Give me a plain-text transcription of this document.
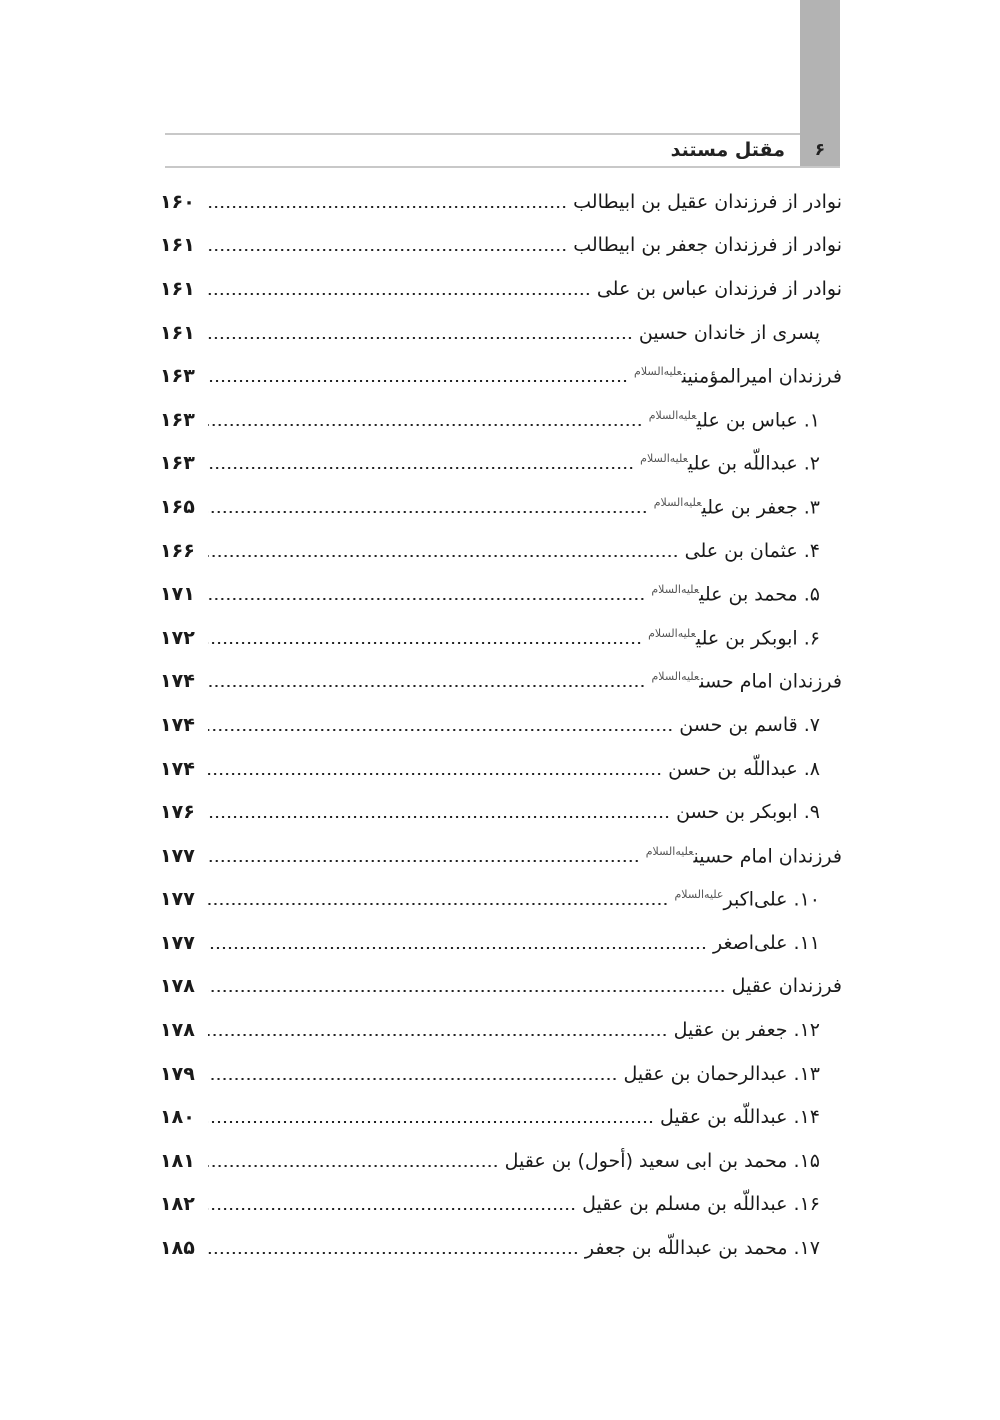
۶
مقتل مستند
نوادر از فرزندان عقیل بن ابیطالب
۱۶۰
نوادر از فرزندان جعفر بن ابیطالب
۱۶۱
نوادر از فرزندان عباس بن علی
۱۶۱
پسری از خاندان حسین
۱۶۱
فرزندان امیرالمؤمنین$^{علیه‌السلام}$
۱۶۳
۱. عباس بن علی$^{علیه‌السلام}$
۱۶۳
۲. عبداللّه بن علی$^{علیه‌السلام}$
۱۶۳
۳. جعفر بن علی$^{علیه‌السلام}$
۱۶۵
۴. عثمان بن علی
۱۶۶
۵. محمد بن علی$^{علیه‌السلام}$
۱۷۱
۶. ابوبکر بن علی$^{علیه‌السلام}$
۱۷۲
فرزندان امام حسن$^{علیه‌السلام}$
۱۷۴
۷. قاسم بن حسن
۱۷۴
۸. عبداللّه بن حسن
۱۷۴
۹. ابوبکر بن حسن
۱۷۶
فرزندان امام حسین$^{علیه‌السلام}$
۱۷۷
۱۰. علی‌اکبر$^{علیه‌السلام}$
۱۷۷
۱۱. علی‌اصغر
۱۷۷
فرزندان عقیل
۱۷۸
۱۲. جعفر بن عقیل
۱۷۸
۱۳. عبدالرحمان بن عقیل
۱۷۹
۱۴. عبداللّه بن عقیل
۱۸۰
۱۵. محمد بن ابی سعید (أحول) بن عقیل
۱۸۱
۱۶. عبداللّه بن مسلم بن عقیل
۱۸۲
۱۷. محمد بن عبداللّه بن جعفر
۱۸۵
